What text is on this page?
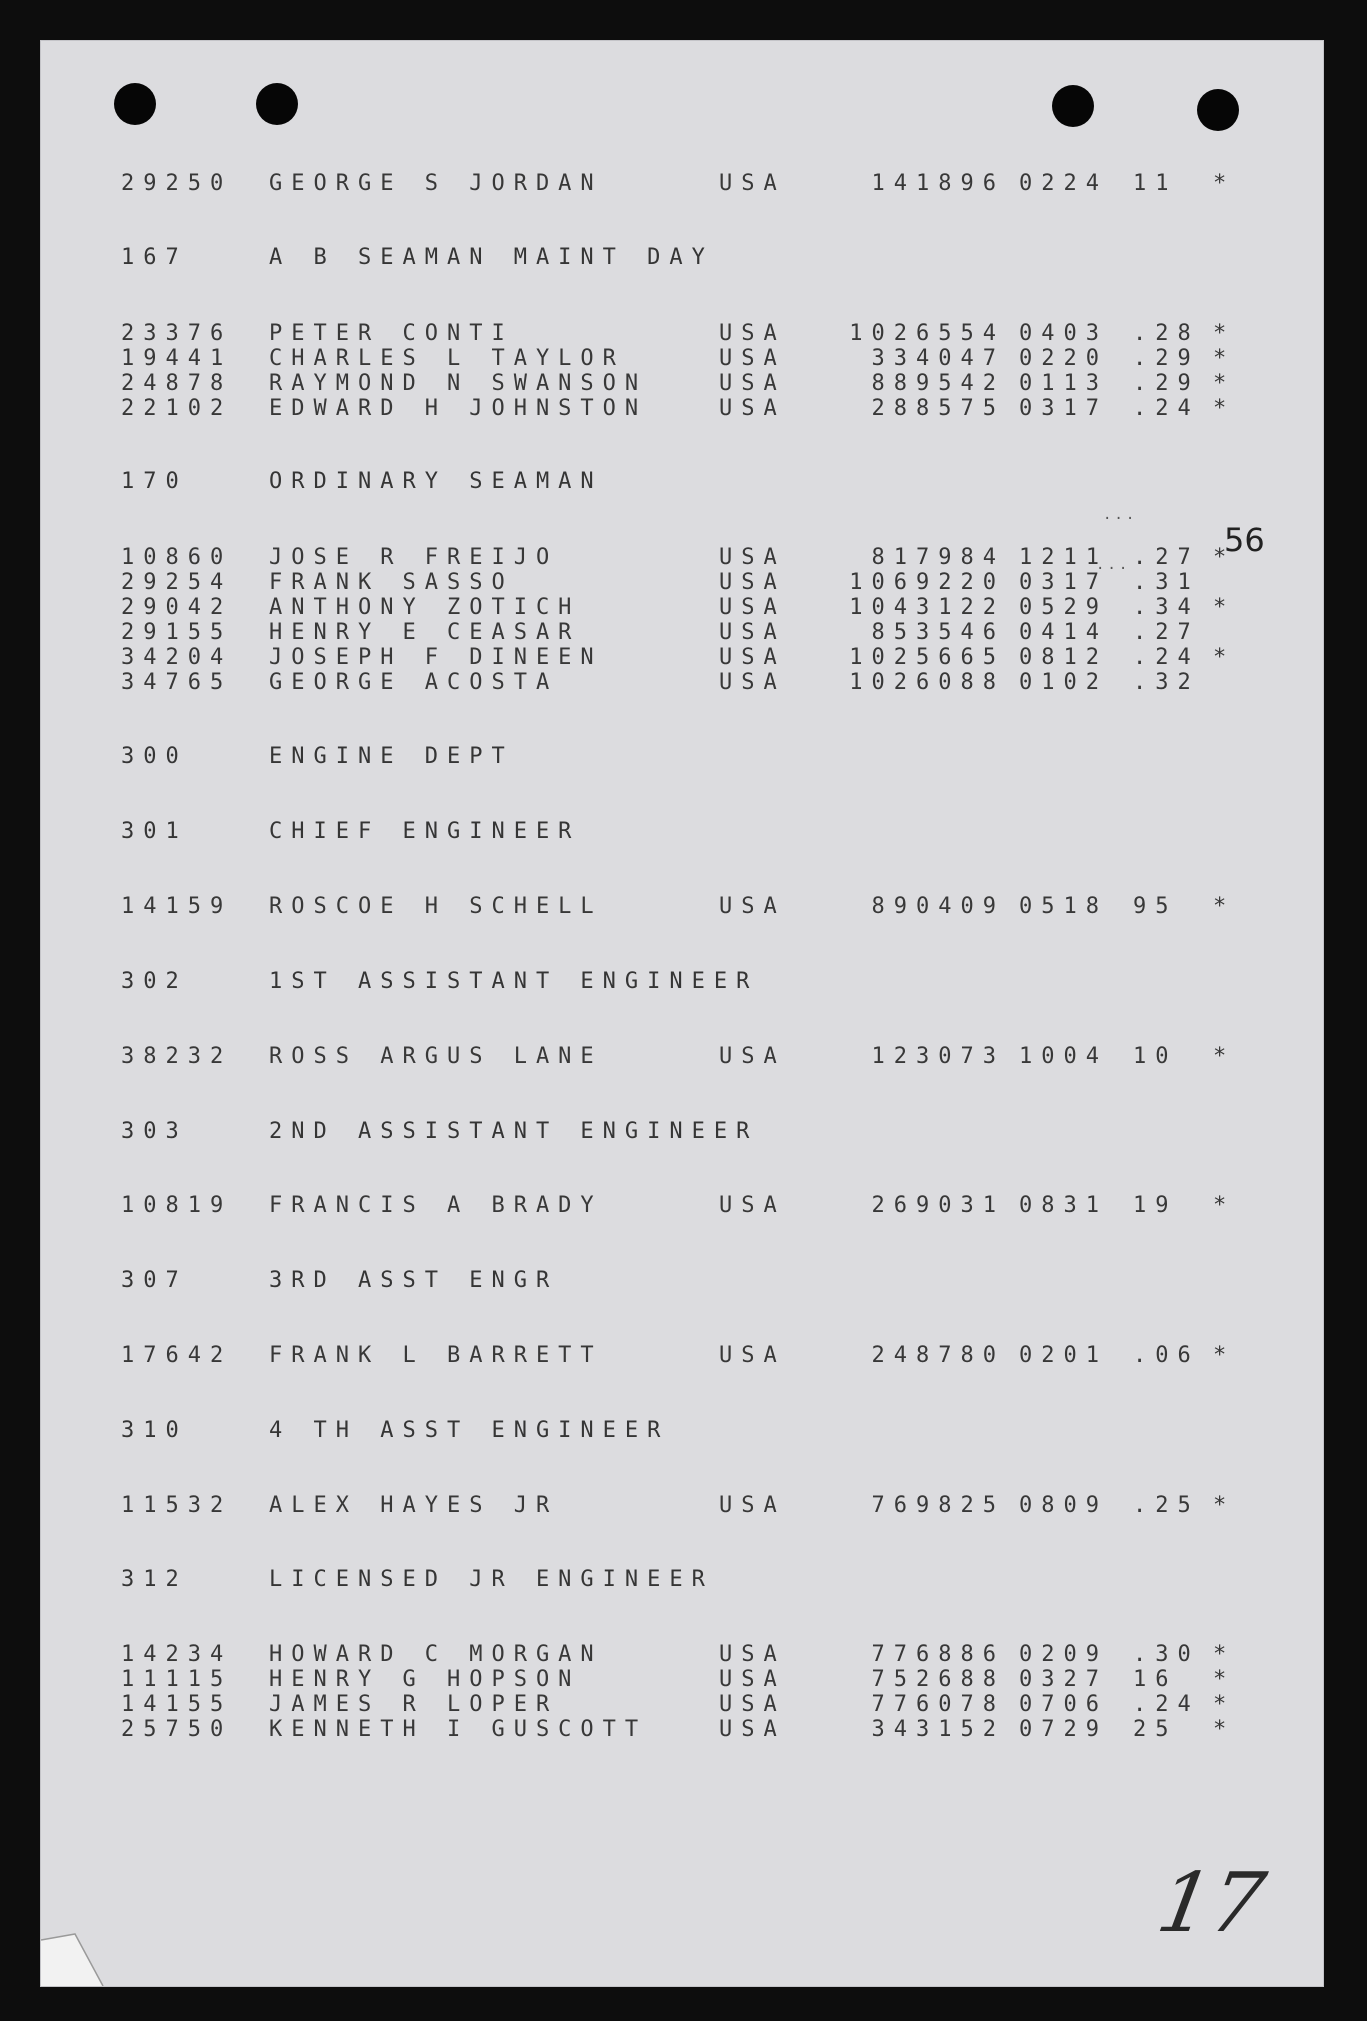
29250 GEORGE S JORDAN	USA	141896 0224 11 *
167	A B SEAMAN MAINT DAY
23376 PETER CONTI	USA	1026554 0403 .28 *
19441 CHARLES L TAYLOR	USA	334047 0220 .29 *
24878 RAYMOND N SWANSON	USA	889542 0113 .29 *
22102 EDWARD H JOHNSTON	USA	288575 0317 .24 *
170	ORDINARY SEAMAN
10860 JOSE R FREIJO	USA	817984 1211 .27 *
29254 FRANK SASSO	USA	1069220 0317 .31
29042 ANTHONY ZOTICH	USA	1043122 0529 .34 *
29155 HENRY E CEASAR	USA	853546 0414 .27
34204 JOSEPH F DINEEN	USA	1025665 0812 .24 *
34765 GEORGE ACOSTA	USA	1026088 0102 .32
300	ENGINE DEPT
301	CHIEF ENGINEER
14159 ROSCOE H SCHELL	USA	890409 0518 95 *
302	1ST ASSISTANT ENGINEER
38232 ROSS ARGUS LANE	USA	123073 1004 10 *
303	2ND ASSISTANT ENGINEER
10819 FRANCIS A BRADY	USA	269031 0831 19 *
307	3RD ASST ENGR
17642 FRANK L BARRETT	USA	248780 0201 .06 *
310	4 TH ASST ENGINEER
11532 ALEX HAYES JR	USA	769825 0809 .25 *
312	LICENSED JR ENGINEER
14234 HOWARD C MORGAN	USA	776886 0209 .30 *
11115 HENRY G HOPSON	USA	752688 0327 16 *
14155 JAMES R LOPER	USA	776078 0706 .24 *
25750 KENNETH I GUSCOTT	USA	343152 0729 25 *
...
56
...
17
